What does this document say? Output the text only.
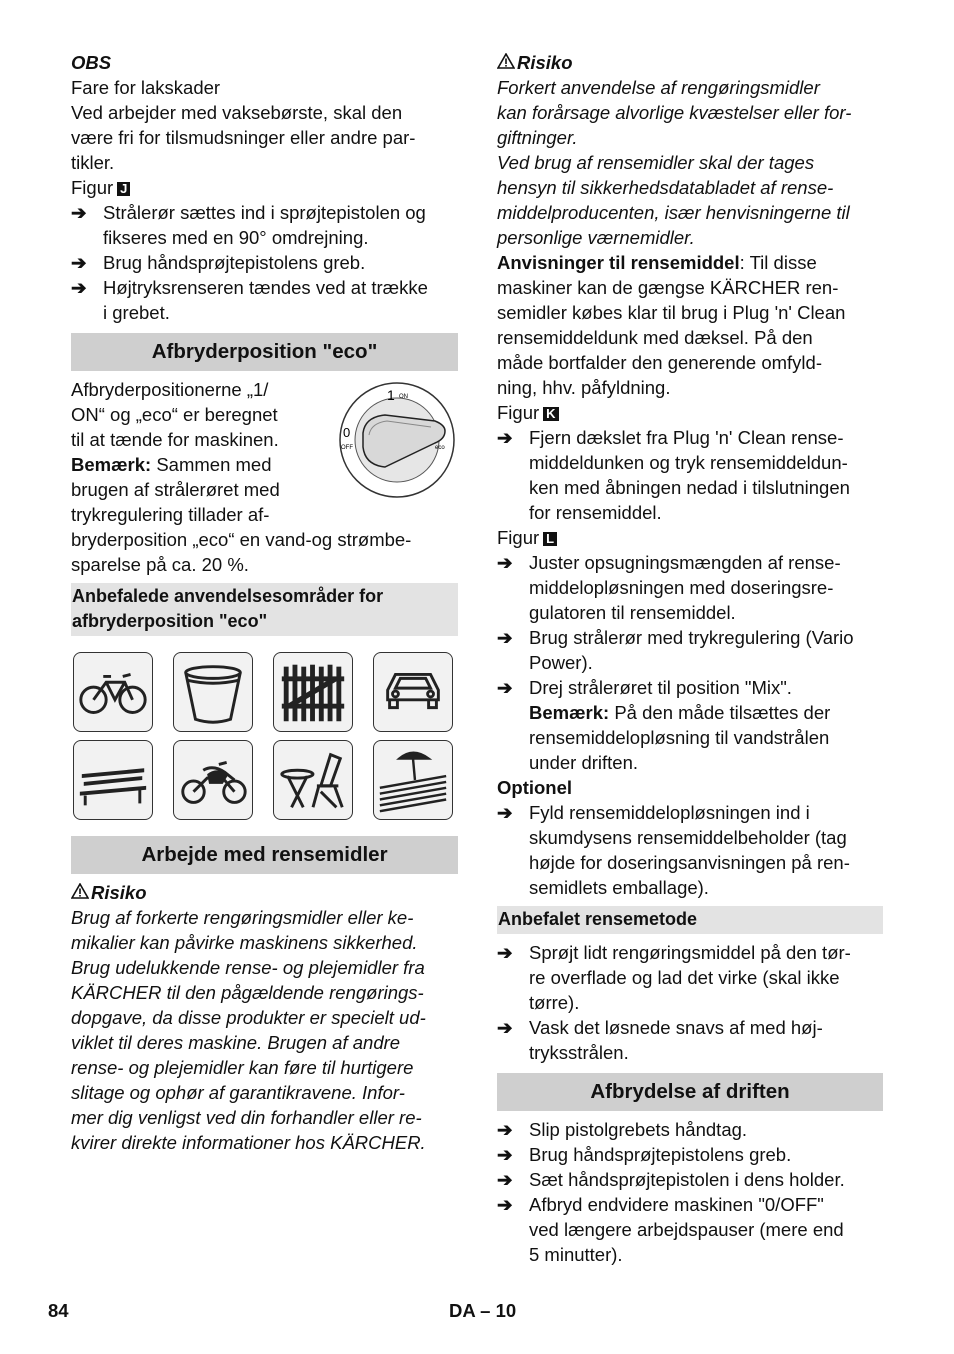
OBS

Fare for lakskader
Ved arbejder med vaksebørste, skal den
være fri for tilsmudsninger eller andre par-
tikler.

Figur J

➔ Strålerør sættes ind i sprøjtepistolen og
fikseres med en 90° omdrejning.
➔ Brug håndsprøjtepistolens greb.
➔ Højtryksrenseren tændes ved at trække
i grebet.
Afbryderposition "eco"
1 ON
0
OFF	eco
Afbryderpositionerne „1/
ON“ og „eco“ er beregnet
til at tænde for maskinen.

Bemærk: Sammen med

brugen af strålerøret med
trykregulering tillader af-
bryderposition „eco“ en vand-og strømbe-
sparelse på ca. 20 %.
Anbefalede anvendelsesområder for
afbryderposition "eco"
Arbejde med rensemidler

Risiko

Brug af forkerte rengøringsmidler eller ke-
mikalier kan påvirke maskinens sikkerhed.
Brug udelukkende rense- og plejemidler fra
KÄRCHER til den pågældende rengørings-
dopgave, da disse produkter er specielt ud-
viklet til deres maskine. Brugen af andre
rense- og plejemidler kan føre til hurtigere
slitage og ophør af garantikravene. Infor-
mer dig venligst ved din forhandler eller re-
kvirer direkte informationer hos KÄRCHER.

Risiko

Forkert anvendelse af rengøringsmidler
kan forårsage alvorlige kvæstelser eller for-
giftninger.
Ved brug af rensemidler skal der tages
hensyn til sikkerhedsdatabladet af rense-
middelproducenten, især henvisningerne til
personlige værnemidler.

Anvisninger til rensemiddel: Til disse

maskiner kan de gængse KÄRCHER ren-
semidler købes klar til brug i Plug 'n' Clean
rensemiddeldunk med dæksel. På den
måde bortfalder den generende omfyld-
ning, hhv. påfyldning.

Figur K

➔ Fjern dækslet fra Plug 'n' Clean rense-
middeldunken og tryk rensemiddeldun-
ken med åbningen nedad i tilslutningen
for rensemiddel.

Figur L

➔ Juster opsugningsmængden af rense-
middelopløsningen med doseringsre-
gulatoren til rensemiddel.
➔ Brug strålerør med trykregulering (Vario
Power).
➔ Drej strålerøret til position "Mix".

Bemærk: På den måde tilsættes der

rensemiddelopløsning til vandstrålen
under driften.

Optionel

➔ Fyld rensemiddelopløsningen ind i
skumdysens rensemiddelbeholder (tag
højde for doseringsanvisningen på ren-
semidlets emballage).
Anbefalet rensemetode
➔ Sprøjt lidt rengøringsmiddel på den tør-
re overflade og lad det virke (skal ikke
tørre).
➔ Vask det løsnede snavs af med høj-
tryksstrålen.
Afbrydelse af driften
➔ Slip pistolgrebets håndtag.
➔ Brug håndsprøjtepistolens greb.
➔ Sæt håndsprøjtepistolen i dens holder.
➔ Afbryd endvidere maskinen "0/OFF"
ved længere arbejdspauser (mere end
5 minutter).
84	DA – 10
